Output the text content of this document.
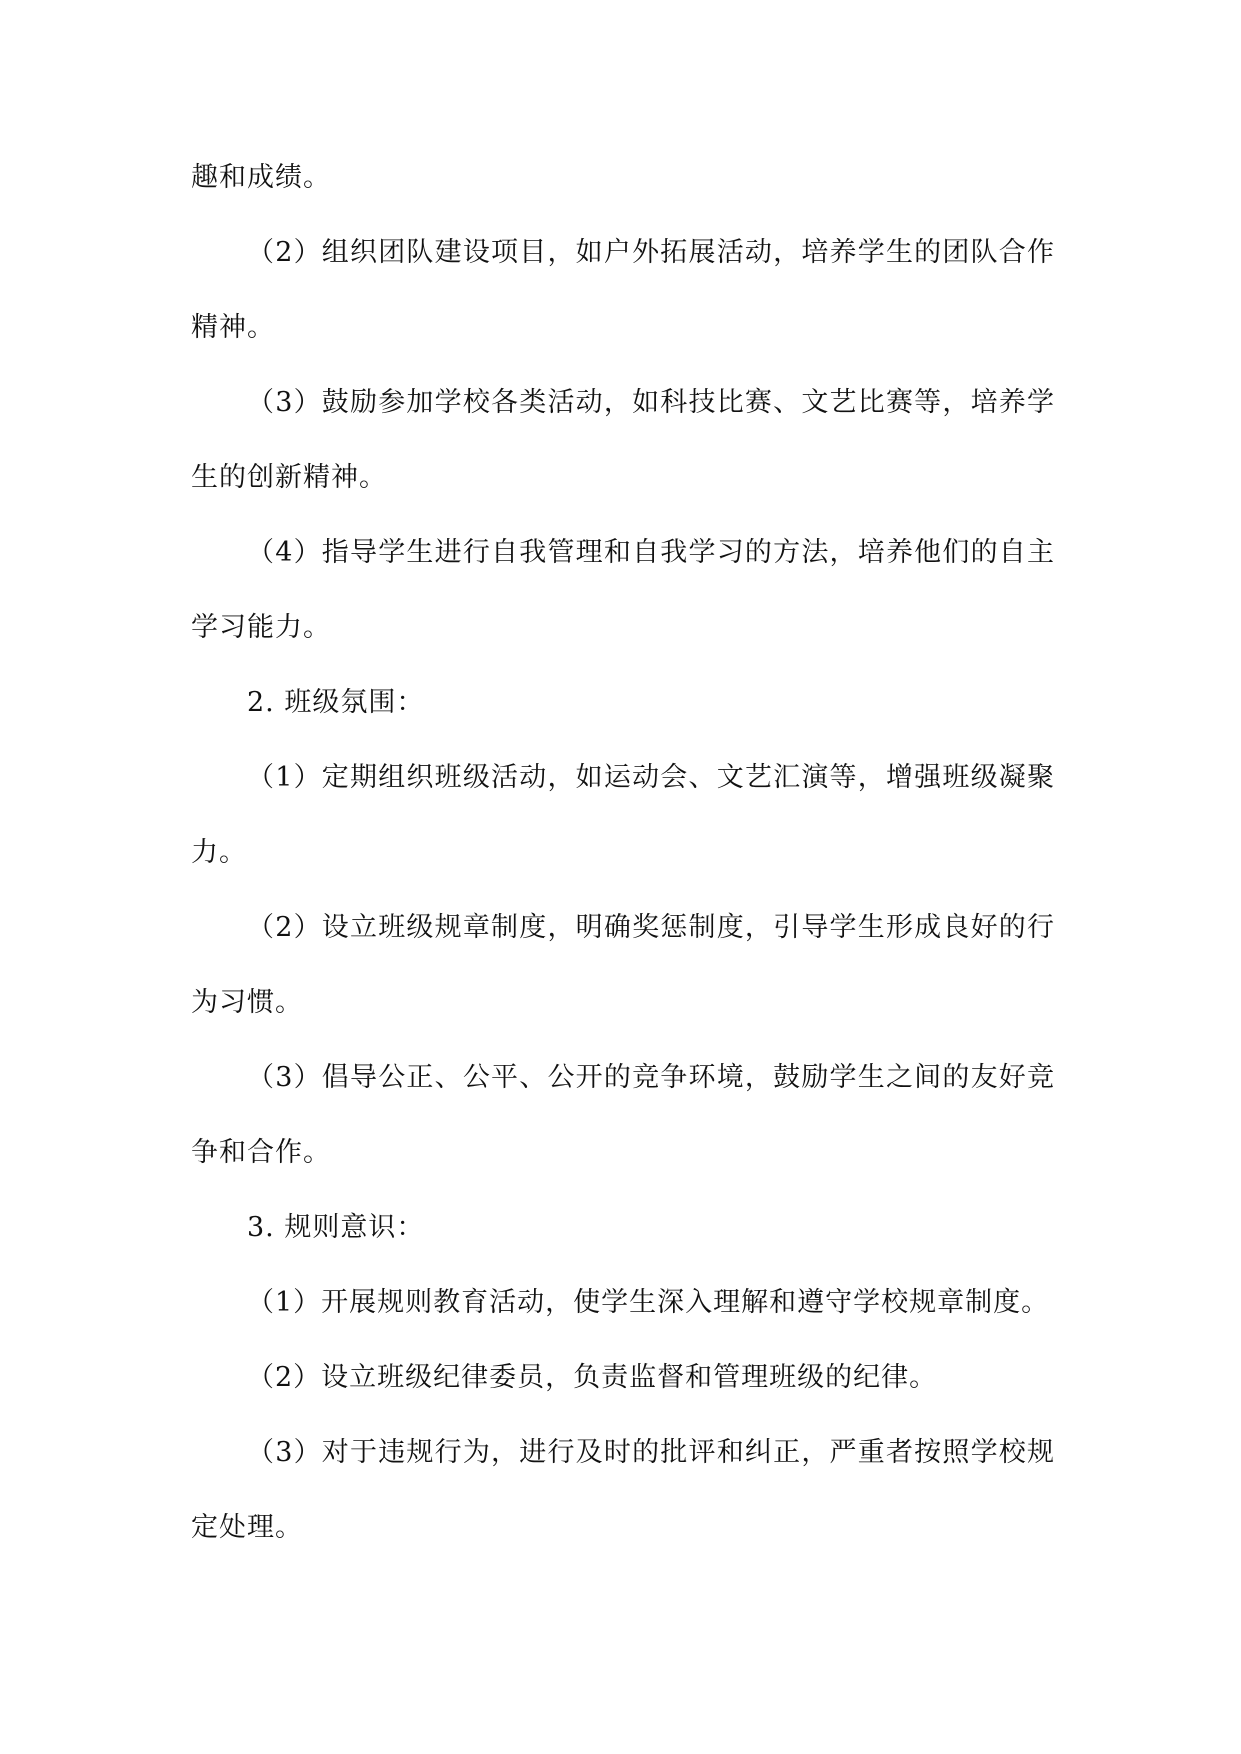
趣和成绩。

（2）组织团队建设项目，如户外拓展活动，培养学生的团队合作精神。

（3）鼓励参加学校各类活动，如科技比赛、文艺比赛等，培养学生的创新精神。

（4）指导学生进行自我管理和自我学习的方法，培养他们的自主学习能力。

2. 班级氛围：

（1）定期组织班级活动，如运动会、文艺汇演等，增强班级凝聚力。

（2）设立班级规章制度，明确奖惩制度，引导学生形成良好的行为习惯。

（3）倡导公正、公平、公开的竞争环境，鼓励学生之间的友好竞争和合作。

3. 规则意识：

（1）开展规则教育活动，使学生深入理解和遵守学校规章制度。

（2）设立班级纪律委员，负责监督和管理班级的纪律。

（3）对于违规行为，进行及时的批评和纠正，严重者按照学校规定处理。
